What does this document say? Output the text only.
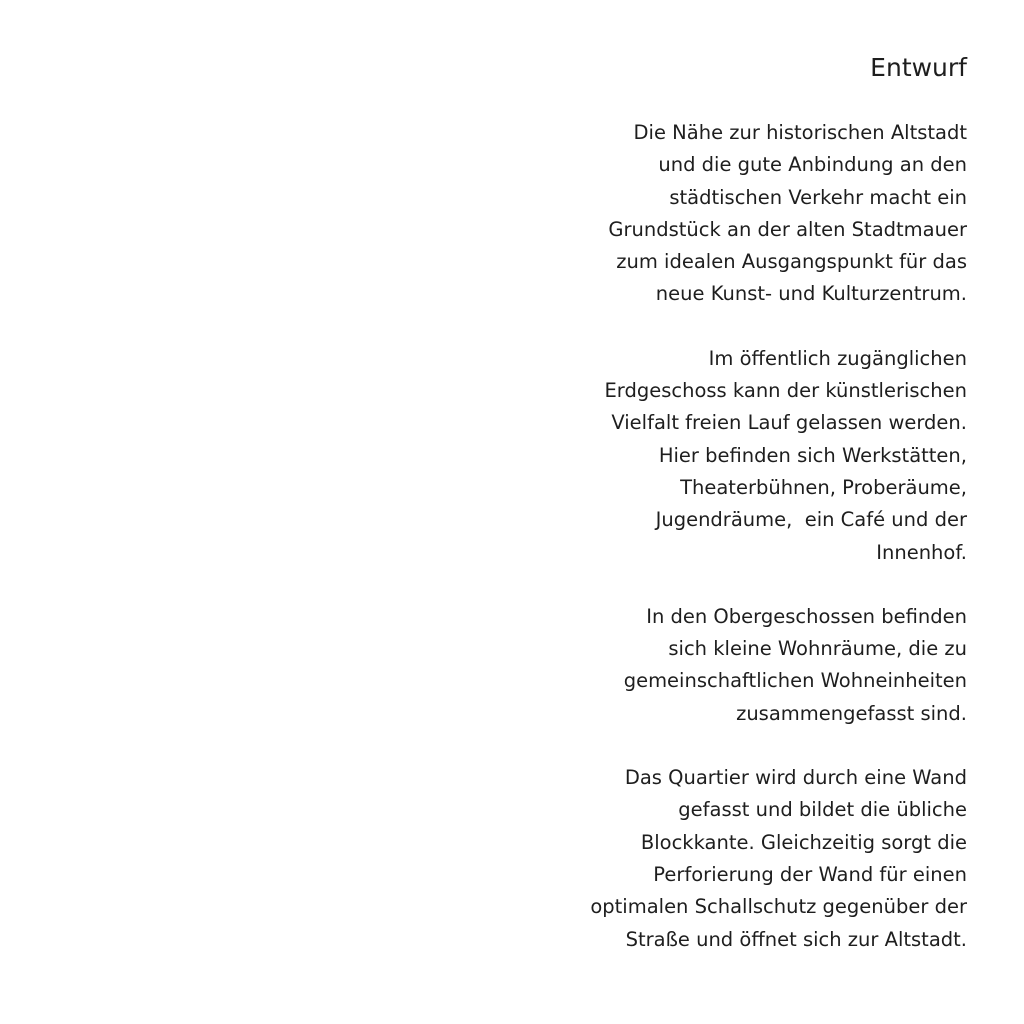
Entwurf

Die Nähe zur historischen Altstadt
und die gute Anbindung an den
städtischen Verkehr macht ein
Grundstück an der alten Stadtmauer
zum idealen Ausgangspunkt für das
neue Kunst- und Kulturzentrum.

Im öffentlich zugänglichen
Erdgeschoss kann der künstlerischen
Vielfalt freien Lauf gelassen werden.
Hier befinden sich Werkstätten,
Theaterbühnen, Proberäume,
Jugendräume,  ein Café und der
Innenhof.

In den Obergeschossen befinden
sich kleine Wohnräume, die zu
gemeinschaftlichen Wohneinheiten
zusammengefasst sind.

Das Quartier wird durch eine Wand
gefasst und bildet die übliche
Blockkante. Gleichzeitig sorgt die
Perforierung der Wand für einen
optimalen Schallschutz gegenüber der
Straße und öffnet sich zur Altstadt.
